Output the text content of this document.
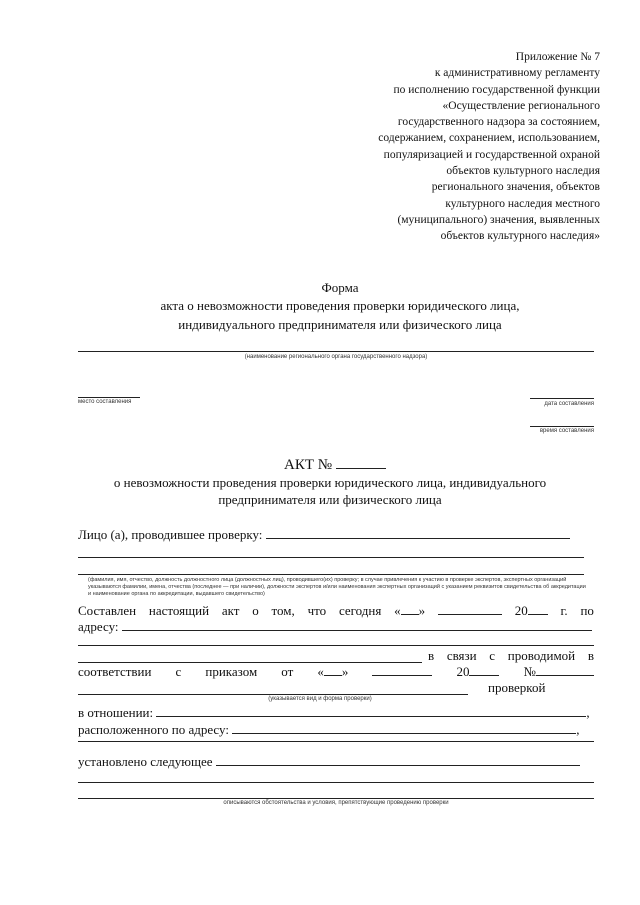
Приложение № 7
к административному регламенту
по исполнению государственной функции
«Осуществление регионального
государственного надзора за состоянием,
содержанием, сохранением, использованием,
популяризацией и государственной охраной
объектов культурного наследия
регионального значения, объектов
культурного наследия местного
(муниципального) значения, выявленных
объектов культурного наследия»
Форма
акта о невозможности проведения проверки юридического лица,
индивидуального предпринимателя или физического лица
(наименование регионального органа государственного надзора)
место составления	дата составления
время составления
АКТ №
о невозможности проведения проверки юридического лица, индивидуального
предпринимателя или физического лица
Лицо (а), проводившее проверку:
(фамилия, имя, отчество, должность должностного лица (должностных лиц), проводившего(их) проверку; в случае привлечения к участию в проверке экспертов, экспертных организаций указываются фамилии, имена, отчества (последнее — при наличии), должности экспертов и/или наименования экспертных организаций с указанием реквизитов свидетельства об аккредитации и наименование органа по аккредитации, выдавшего свидетельство)
Составлен настоящий акт о том, что сегодня « »	20	г. по
адресу:
в связи с проводимой в
соответствии с приказом от « »	20	№
проверкой
(указывается вид и форма проверки)
в отношении:	,
расположенного по адресу:	,
установлено следующее
описываются обстоятельства и условия, препятствующие проведению проверки
